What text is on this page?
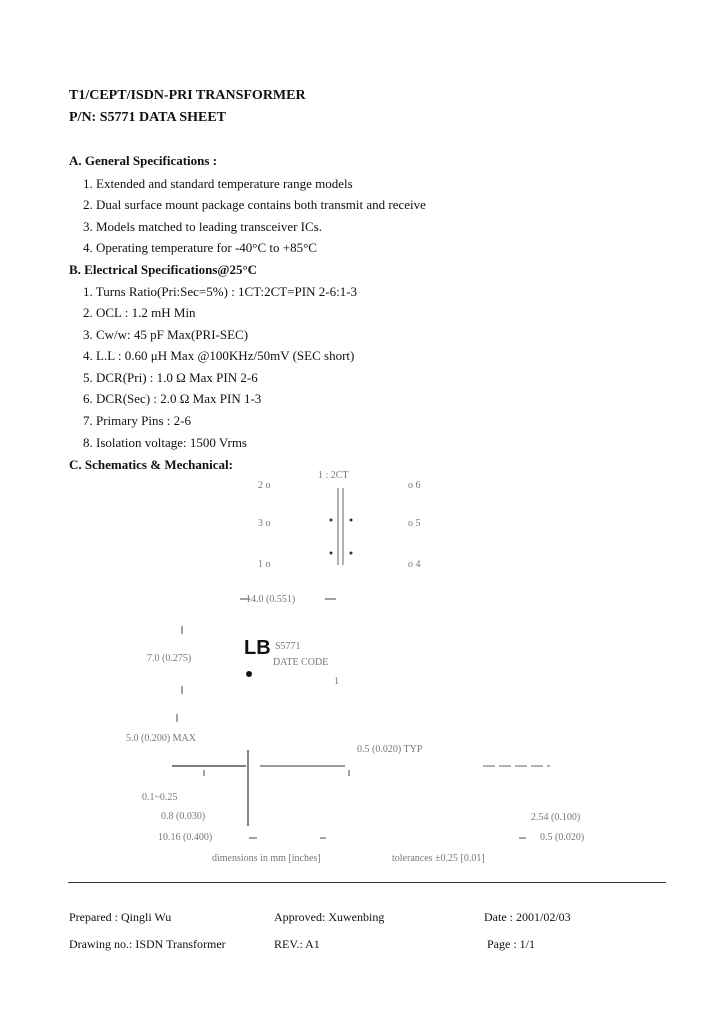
T1/CEPT/ISDN-PRI TRANSFORMER
P/N: S5771 DATA SHEET
A. General Specifications :
1. Extended and standard temperature range models
2. Dual surface mount package contains both transmit and receive
3. Models matched to leading transceiver ICs.
4. Operating temperature for -40°C to +85°C
B. Electrical Specifications@25°C
1. Turns Ratio(Pri:Sec=5%) : 1CT:2CT=PIN 2-6:1-3
2. OCL : 1.2 mH Min
3. Cw/w: 45 pF Max(PRI-SEC)
4. L.L : 0.60 μH Max @100KHz/50mV (SEC short)
5. DCR(Pri) : 1.0 Ω Max PIN 2-6
6. DCR(Sec) : 2.0 Ω Max PIN 1-3
7. Primary Pins : 2-6
8. Isolation voltage: 1500 Vrms
C. Schematics & Mechanical:
1 : 2CT
2 o
3 o
1 o
o 6
o 5
o 4
14.0 (0.551)
7.0 (0.275)	LB S5771
DATE CODE
1
5.0 (0.200) MAX
0.5 (0.020) TYP
0.1~0.25
0.8 (0.030)
10.16 (0.400)
2.54 (0.100)
0.5 (0.020)
dimensions in mm [inches]	tolerances ±0.25 [0.01]
Prepared : Qingli Wu	Approved: Xuwenbing	Date : 2001/02/03
Drawing no.: ISDN Transformer	REV.: A1	Page : 1/1
